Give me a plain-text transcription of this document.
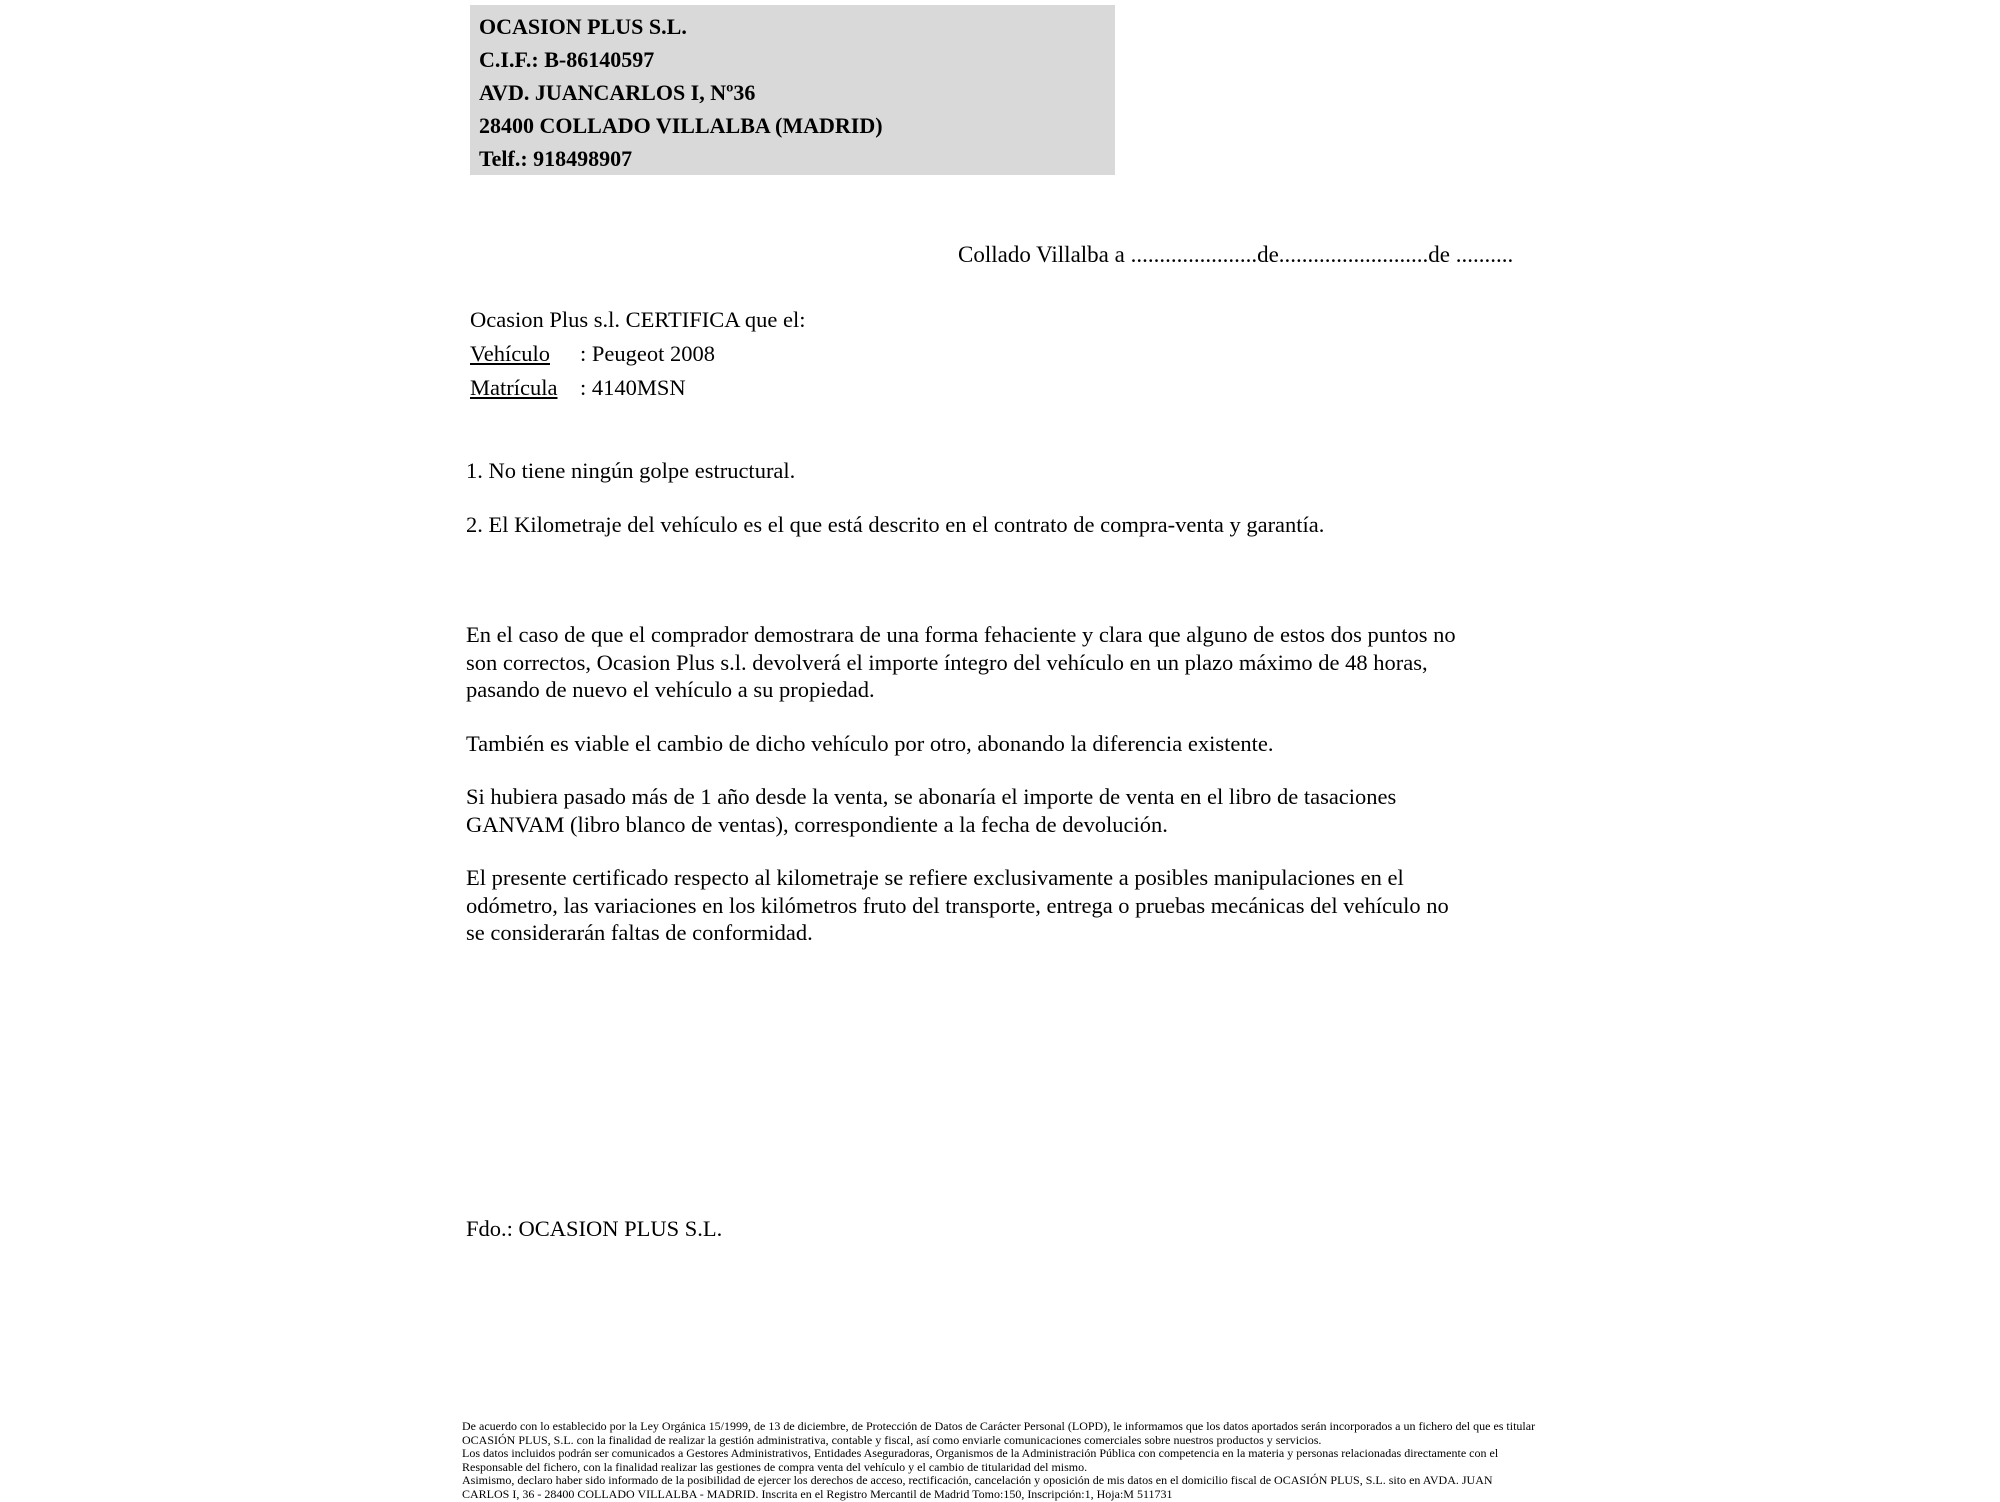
OCASION PLUS S.L.
C.I.F.: B-86140597
AVD. JUANCARLOS I, Nº36
28400 COLLADO VILLALBA (MADRID)
Telf.: 918498907
Collado Villalba a ......................de..........................de ..........
Ocasion Plus s.l. CERTIFICA que el:
Vehículo : Peugeot 2008
Matrícula : 4140MSN
1. No tiene ningún golpe estructural.
2. El Kilometraje del vehículo es el que está descrito en el contrato de compra-venta y garantía.

En el caso de que el comprador demostrara de una forma fehaciente y clara que alguno de estos dos puntos no
son correctos, Ocasion Plus s.l. devolverá el importe íntegro del vehículo en un plazo máximo de 48 horas,
pasando de nuevo el vehículo a su propiedad.

También es viable el cambio de dicho vehículo por otro, abonando la diferencia existente.

Si hubiera pasado más de 1 año desde la venta, se abonaría el importe de venta en el libro de tasaciones
GANVAM (libro blanco de ventas), correspondiente a la fecha de devolución.

El presente certificado respecto al kilometraje se refiere exclusivamente a posibles manipulaciones en el
odómetro, las variaciones en los kilómetros fruto del transporte, entrega o pruebas mecánicas del vehículo no
se considerarán faltas de conformidad.

Fdo.: OCASION PLUS S.L.
De acuerdo con lo establecido por la Ley Orgánica 15/1999, de 13 de diciembre, de Protección de Datos de Carácter Personal (LOPD), le informamos que los datos aportados serán incorporados a un fichero del que es titular
OCASIÓN PLUS, S.L. con la finalidad de realizar la gestión administrativa, contable y fiscal, así como enviarle comunicaciones comerciales sobre nuestros productos y servicios.
Los datos incluidos podrán ser comunicados a Gestores Administrativos, Entidades Aseguradoras, Organismos de la Administración Pública con competencia en la materia y personas relacionadas directamente con el
Responsable del fichero, con la finalidad realizar las gestiones de compra venta del vehículo y el cambio de titularidad del mismo.
Asimismo, declaro haber sido informado de la posibilidad de ejercer los derechos de acceso, rectificación, cancelación y oposición de mis datos en el domicilio fiscal de OCASIÓN PLUS, S.L. sito en AVDA. JUAN
CARLOS I, 36 - 28400 COLLADO VILLALBA - MADRID. Inscrita en el Registro Mercantil de Madrid Tomo:150, Inscripción:1, Hoja:M 511731
